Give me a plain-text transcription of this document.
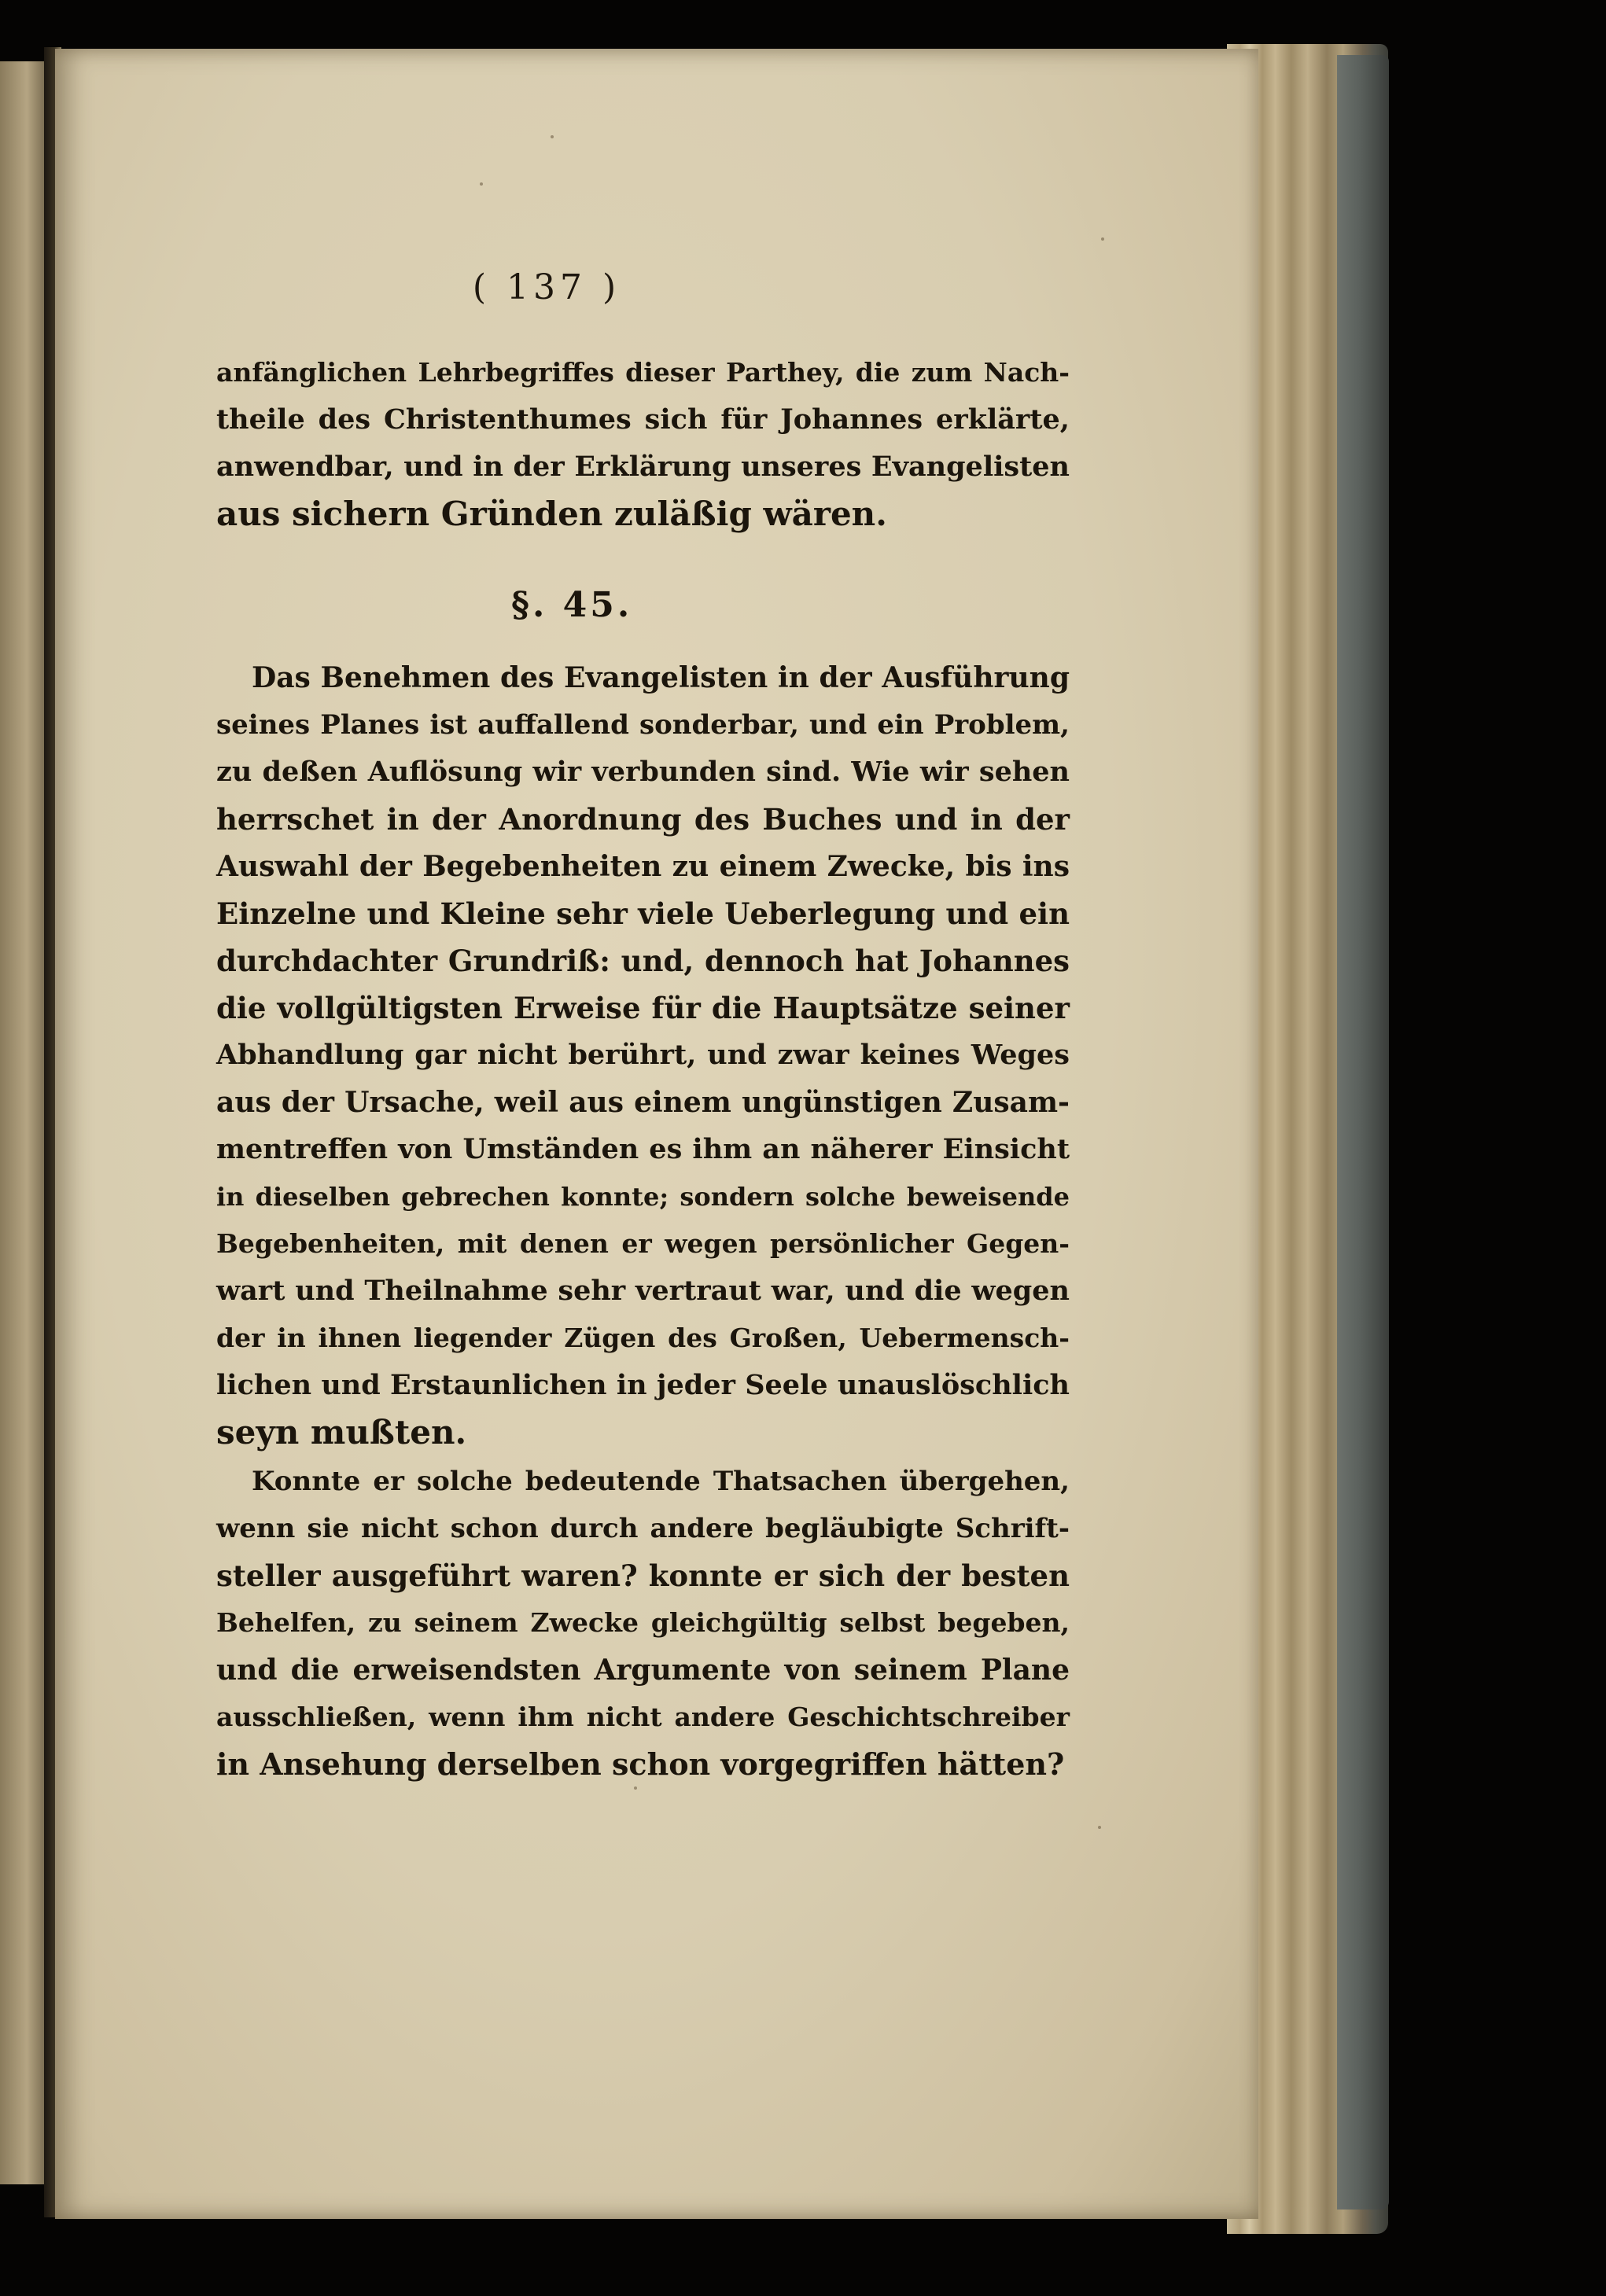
( 137 )
anfänglichen Lehrbegriffes dieser Parthey, die zum Nach-
theile des Christenthumes sich für Johannes erklärte,
anwendbar, und in der Erklärung unseres Evangelisten
aus sichern Gründen zuläßig wären.
§. 45.
Das Benehmen des Evangelisten in der Ausführung
seines Planes ist auffallend sonderbar, und ein Problem,
zu deßen Auflösung wir verbunden sind. Wie wir sehen
herrschet in der Anordnung des Buches und in der
Auswahl der Begebenheiten zu einem Zwecke, bis ins
Einzelne und Kleine sehr viele Ueberlegung und ein
durchdachter Grundriß: und, dennoch hat Johannes
die vollgültigsten Erweise für die Hauptsätze seiner
Abhandlung gar nicht berührt, und zwar keines Weges
aus der Ursache, weil aus einem ungünstigen Zusam-
mentreffen von Umständen es ihm an näherer Einsicht
in dieselben gebrechen konnte; sondern solche beweisende
Begebenheiten, mit denen er wegen persönlicher Gegen-
wart und Theilnahme sehr vertraut war, und die wegen
der in ihnen liegender Zügen des Großen, Uebermensch-
lichen und Erstaunlichen in jeder Seele unauslöschlich
seyn mußten.
Konnte er solche bedeutende Thatsachen übergehen,
wenn sie nicht schon durch andere begläubigte Schrift-
steller ausgeführt waren? konnte er sich der besten
Behelfen, zu seinem Zwecke gleichgültig selbst begeben,
und die erweisendsten Argumente von seinem Plane
ausschließen, wenn ihm nicht andere Geschichtschreiber
in Ansehung derselben schon vorgegriffen hätten?
